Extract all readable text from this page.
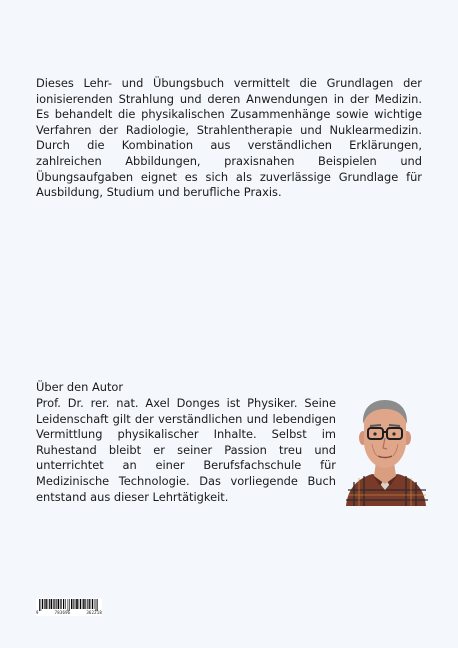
Dieses Lehr- und Übungsbuch vermittelt die Grundlagen der ionisierenden Strahlung und deren Anwendungen in der Medizin. Es behandelt die physikalischen Zusammenhänge sowie wichtige Verfahren der Radiologie, Strahlentherapie und Nuklearmedizin. Durch die Kombination aus verständlichen Erklärungen, zahlreichen Abbildungen, praxisnahen Beispielen und Übungsaufgaben eignet es sich als zuverlässige Grundlage für Ausbildung, Studium und berufliche Praxis.

Über den Autor

Prof. Dr. rer. nat. Axel Donges ist Physiker. Seine Leidenschaft gilt der verständlichen und lebendigen Vermittlung physikalischer Inhalte. Selbst im Ruhestand bleibt er seiner Passion treu und unterrichtet an einer Berufsfachschule für Medizinische Technologie. Das vorliegende Buch entstand aus dieser Lehrtätigkeit.

9	783696	362218
